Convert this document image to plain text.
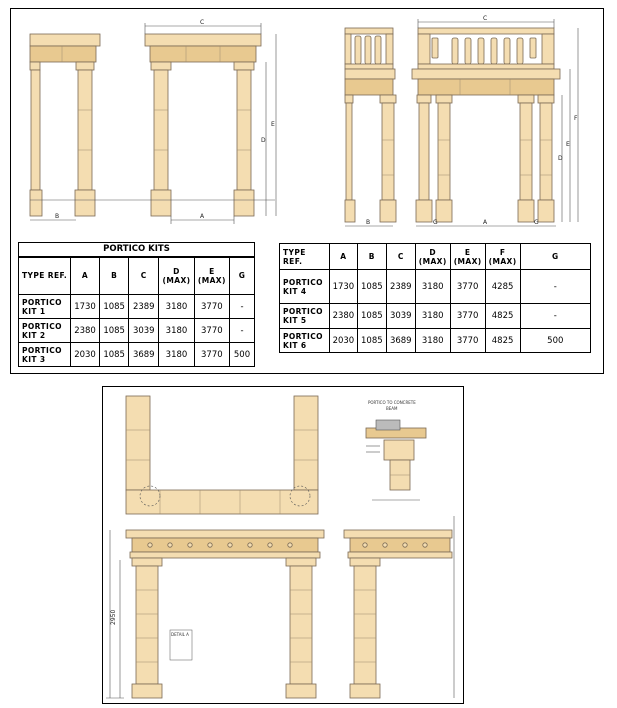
B	A
C
D
E
B	A
C
D
E
F
G	G
2950
PORTICO TO CONCRETE
BEAM
DETAIL A
PORTICO KITS						
TYPE REF.	A	B	C	D (MAX)	E (MAX)	G
PORTICO KIT 1	1730	1085	2389	3180	3770	-
PORTICO KIT 2	2380	1085	3039	3180	3770	-
PORTICO KIT 3	2030	1085	3689	3180	3770	500
TYPE REF.	A	B	C	D (MAX)	E (MAX)	F (MAX)	G
PORTICO KIT 4	1730	1085	2389	3180	3770	4285	-
PORTICO KIT 5	2380	1085	3039	3180	3770	4825	-
PORTICO KIT 6	2030	1085	3689	3180	3770	4825	500
